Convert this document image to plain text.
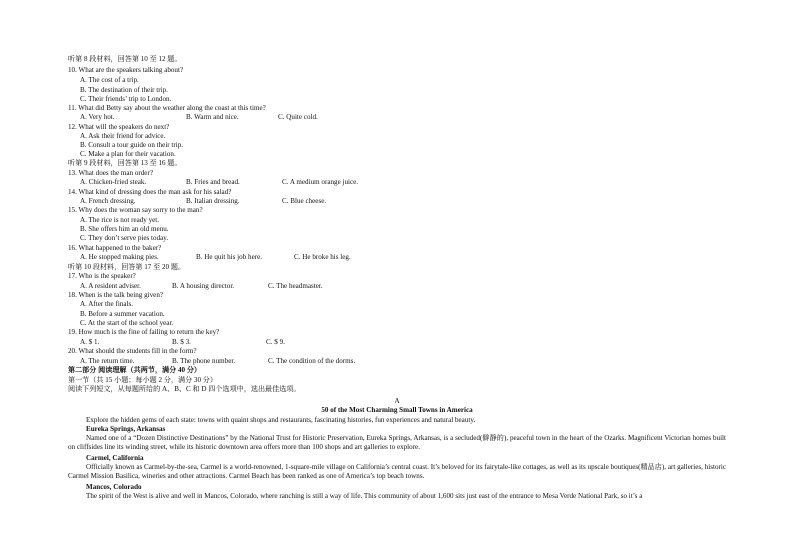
听第 8 段材料，回答第 10 至 12 题。
10. What are the speakers talking about?
A. The cost of a trip.
B. The destination of their trip.
C. Their friends’ trip to London.
11. What did Betty say about the weather along the coast at this time?
A. Very hot.	B. Warm and nice.	C. Quite cold.
12. What will the speakers do next?
A. Ask their friend for advice.
B. Consult a tour guide on their trip.
C. Make a plan for their vacation.
听第 9 段材料，回答第 13 至 16 题。
13. What does the man order?
A. Chicken-fried steak.	B. Fries and bread.	C. A medium orange juice.
14. What kind of dressing does the man ask for his salad?
A. French dressing.	B. Italian dressing.	C. Blue cheese.
15. Why does the woman say sorry to the man?
A. The rice is not ready yet.
B. She offers him an old menu.
C. They don’t serve pies today.
16. What happened to the baker?
A. He stopped making pies.	B. He quit his job here.	C. He broke his leg.
听第 10 段材料，回答第 17 至 20 题。
17. Who is the speaker?
A. A resident adviser.	B. A housing director.	C. The headmaster.
18. When is the talk being given?
A. After the finals.
B. Before a summer vacation.
C. At the start of the school year.
19. How much is the fine of failing to return the key?
A. $ 1.	B. $ 3.	C. $ 9.
20. What should the students fill in the form?
A. The return time.	B. The phone number.	C. The condition of the dorms.
第二部分 阅读理解（共两节，满分 40 分）
第一节（共 15 小题；每小题 2 分，满分 30 分）
阅读下列短文，从每题所给的 A、B、C 和 D 四个选项中，选出最佳选项。
A
50 of the Most Charming Small Towns in America
Explore the hidden gems of each state: towns with quaint shops and restaurants, fascinating histories, fun experiences and natural beauty.
Eureka Springs, Arkansas
Named one of a “Dozen Distinctive Destinations” by the National Trust for Historic Preservation, Eureka Springs, Arkansas, is a secluded(僻静的), peaceful town in the heart of the Ozarks. Magnificent Victorian homes built on cliffsides line its winding street, while its historic downtown area offers more than 100 shops and art galleries to explore.
Carmel, California
Officially known as Carmel-by-the-sea, Carmel is a world-renowned, 1-square-mile village on California’s central coast. It’s beloved for its fairytale-like cottages, as well as its upscale boutiques(精品店), art galleries, historic Carmel Mission Basilica, wineries and other attractions. Carmel Beach has been ranked as one of America’s top beach towns.
Mancos, Colorado
The spirit of the West is alive and well in Mancos, Colorado, where ranching is still a way of life. This community of about 1,600 sits just east of the entrance to Mesa Verde National Park, so it’s a
